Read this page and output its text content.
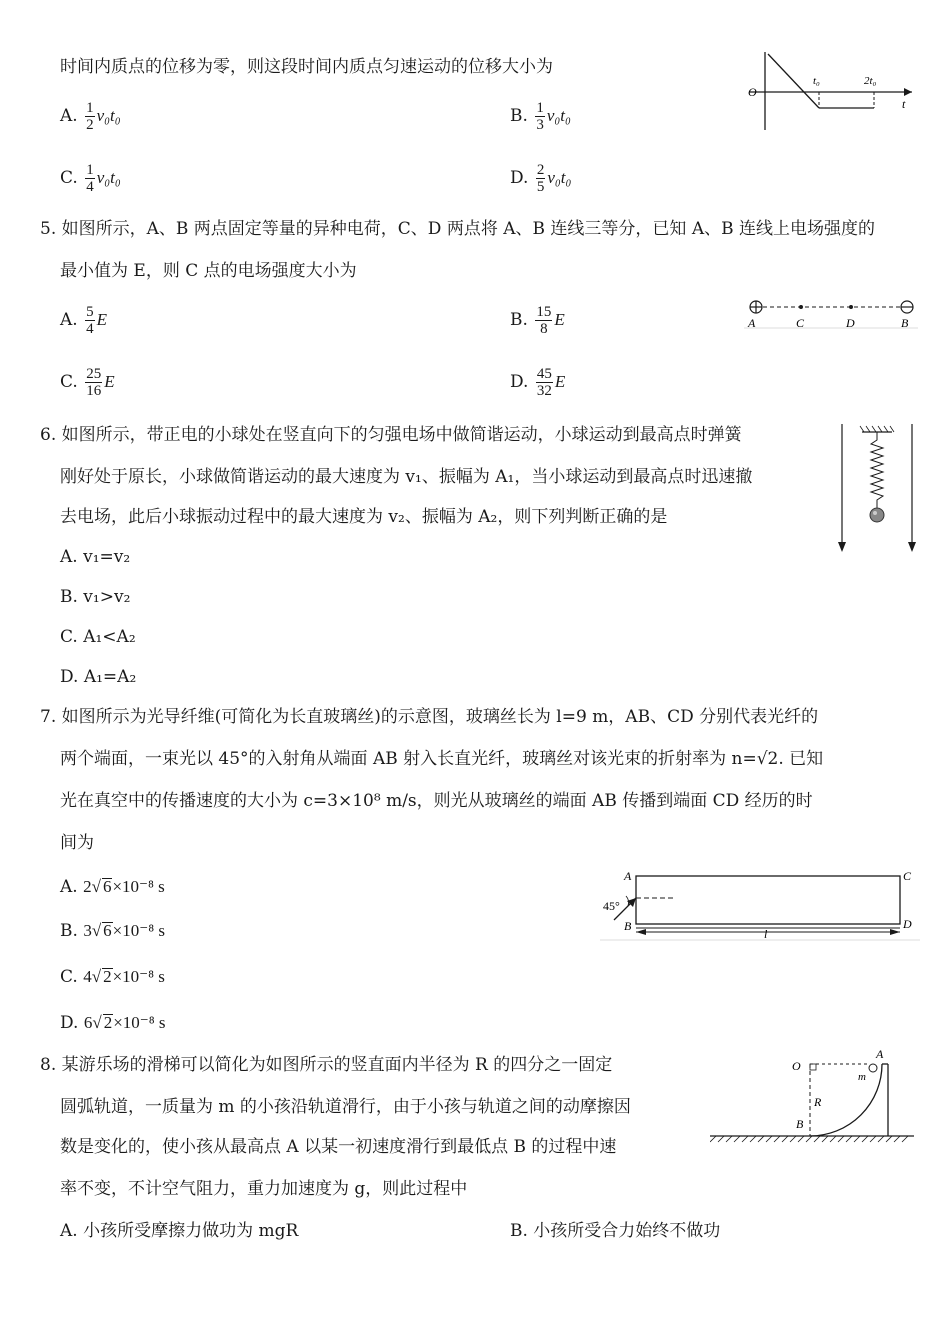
时间内质点的位移为零，则这段时间内质点匀速运动的位移大小为
A. $\frac{1}{2} v_0t_0$	B. $\frac{1}{3} v_0t_0$
C. $\frac{1}{4} v_0t_0$	D. $\frac{2}{5} v_0t_0$
O
t₀	2t₀
t
5. 如图所示，A、B 两点固定等量的异种电荷，C、D 两点将 A、B 连线三等分，已知 A、B 连线上电场强度的
最小值为 E，则 C 点的电场强度大小为
A. $\frac{5}{4}$ E	B. $\frac{15}{8}$ E
C. $\frac{25}{16}$ E	D. $\frac{45}{32}$ E
A	C	D	B
6. 如图所示，带正电的小球处在竖直向下的匀强电场中做简谐运动，小球运动到最高点时弹簧
刚好处于原长，小球做简谐运动的最大速度为 v₁、振幅为 A₁，当小球运动到最高点时迅速撤
去电场，此后小球振动过程中的最大速度为 v₂、振幅为 A₂，则下列判断正确的是
A. v₁=v₂
B. v₁>v₂
C. A₁<A₂
D. A₁=A₂
7. 如图所示为光导纤维(可简化为长直玻璃丝)的示意图，玻璃丝长为 l=9 m，AB、CD 分别代表光纤的
两个端面，一束光以 45°的入射角从端面 AB 射入长直光纤，玻璃丝对该光束的折射率为 n=√2. 已知
光在真空中的传播速度的大小为 c=3×10⁸ m/s，则光从玻璃丝的端面 AB 传播到端面 CD 经历的时
间为
A. 2√ 6×10⁻⁸ s
B. 3√ 6×10⁻⁸ s
C. 4√ 2×10⁻⁸ s
D. 6√ 2×10⁻⁸ s
A
B
C
D
45°
l
8. 某游乐场的滑梯可以简化为如图所示的竖直面内半径为 R 的四分之一固定
圆弧轨道，一质量为 m 的小孩沿轨道滑行，由于小孩与轨道之间的动摩擦因
数是变化的，使小孩从最高点 A 以某一初速度滑行到最低点 B 的过程中速
率不变，不计空气阻力，重力加速度为 g，则此过程中
A. 小孩所受摩擦力做功为 mgR	B. 小孩所受合力始终不做功
O
A
m
R
B
